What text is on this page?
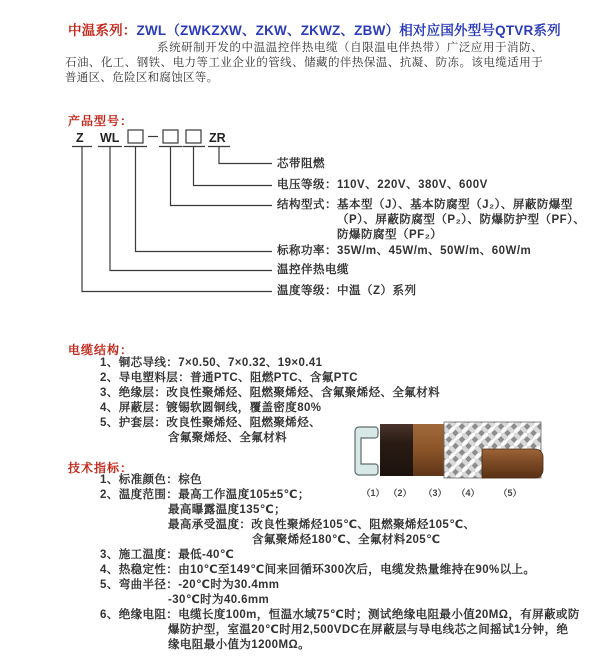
中温系列：ZWL（ZWKZXW、ZKW、ZKWZ、ZBW）相对应国外型号QTVR系列
系统研制开发的中温温控伴热电缆（自限温电伴热带）广泛应用于消防、石油、化工、钢铁、电力等工业企业的管线、储藏的伴热保温、抗凝、防冻。该电缆适用于普通区、危险区和腐蚀区等。
产品型号：
Z WL	ZR
芯带阻燃
电压等级：110V、220V、380V、600V
结构型式：基本型（J）、基本防腐型（J₂）、屏蔽防爆型
（P）、屏蔽防腐型（P₂）、防爆防护型（PF）、
防爆防腐型（PF₂）
标称功率：35W/m、45W/m、50W/m、60W/m
温控伴热电缆
温度等级：中温（Z）系列
电缆结构：
1、铜芯导线：7×0.50、7×0.32、19×0.41
2、导电塑料层：普通PTC、阻燃PTC、含氟PTC
3、绝缘层：改良性聚烯烃、阻燃聚烯烃、含氟聚烯烃、全氟材料
4、屏蔽层：镀锡软圆铜线，覆盖密度80%
5、护套层：改良性聚烯烃、阻燃聚烯烃、
含氟聚烯烃、全氟材料
（1） （2） （3） （4） （5）
技术指标：
1、标准颜色：棕色
2、温度范围：最高工作温度105±5℃；
最高曝露温度135℃；
最高承受温度：改良性聚烯烃105℃、阻燃聚烯烃105℃、
含氟聚烯烃180℃、全氟材料205℃
3、施工温度：最低-40℃
4、热稳定性：由10℃至149℃间来回循环300次后，电缆发热量维持在90%以上。
5、弯曲半径：-20℃时为30.4mm
-30℃时为40.6mm
6、绝缘电阻：电缆长度100m，恒温水域75℃时；测试绝缘电阻最小值20MΩ，有屏蔽或防
爆防护型，室温20℃时用2,500VDC在屏蔽层与导电线芯之间摇试1分钟，绝
缘电阻最小值为1200MΩ。
